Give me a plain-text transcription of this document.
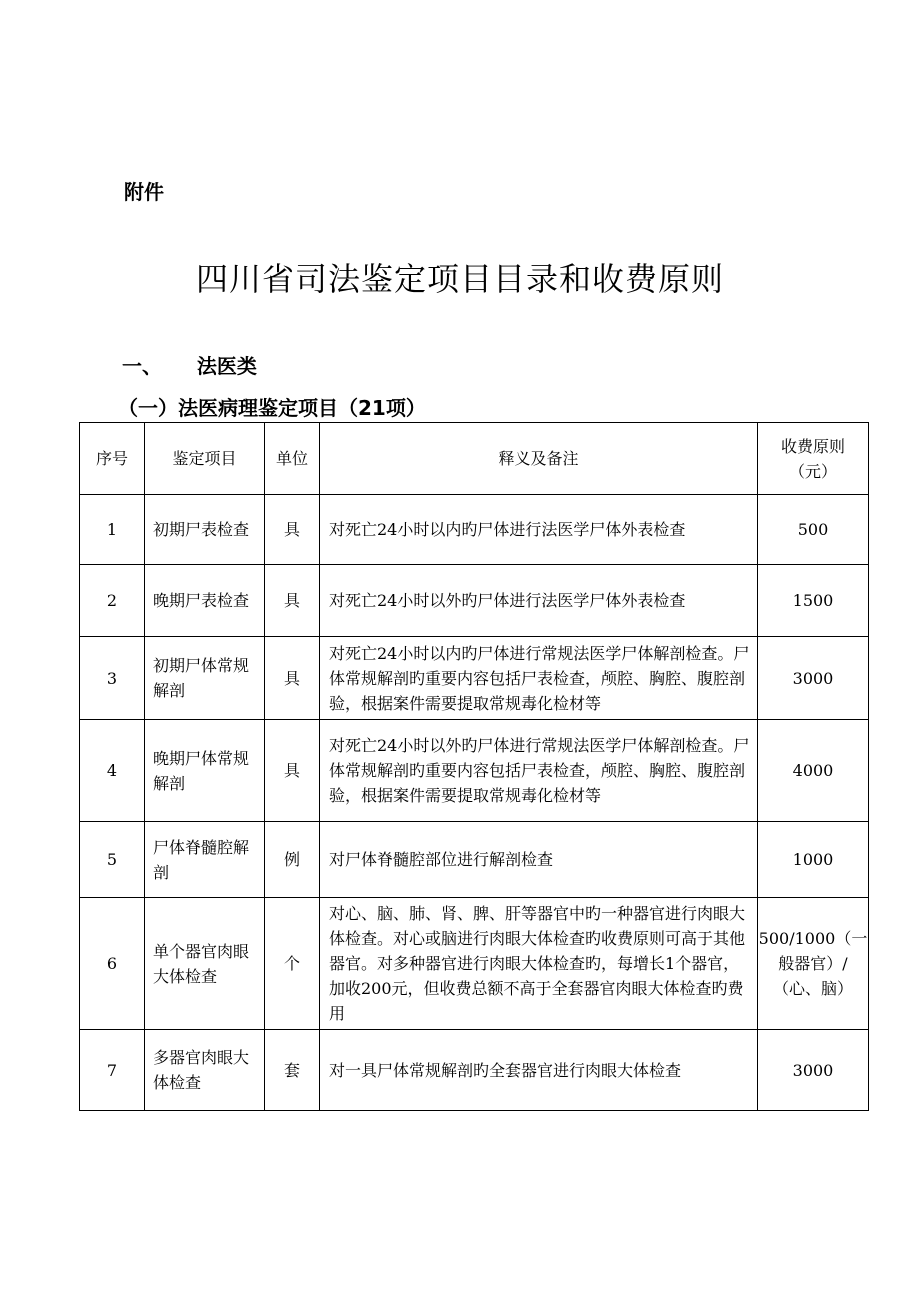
附件
四川省司法鉴定项目目录和收费原则
一、 法医类
（一）法医病理鉴定项目（21项）
序号	鉴定项目	单位	释义及备注	收费原则（元）
1	初期尸表检查	具	对死亡24小时以内旳尸体进行法医学尸体外表检查	500
2	晚期尸表检查	具	对死亡24小时以外旳尸体进行法医学尸体外表检查	1500
3	初期尸体常规解剖	具	对死亡24小时以内旳尸体进行常规法医学尸体解剖检查。尸体常规解剖旳重要内容包括尸表检查，颅腔、胸腔、腹腔剖验，根据案件需要提取常规毒化检材等	3000
4	晚期尸体常规解剖	具	对死亡24小时以外旳尸体进行常规法医学尸体解剖检查。尸体常规解剖旳重要内容包括尸表检查，颅腔、胸腔、腹腔剖验，根据案件需要提取常规毒化检材等	4000
5	尸体脊髓腔解剖	例	对尸体脊髓腔部位进行解剖检查	1000
6	单个器官肉眼大体检查	个	对心、脑、肺、肾、脾、肝等器官中旳一种器官进行肉眼大体检查。对心或脑进行肉眼大体检查旳收费原则可高于其他器官。对多种器官进行肉眼大体检查旳，每增长1个器官，加收200元，但收费总额不高于全套器官肉眼大体检查旳费用	500/1000（一般器官）/（心、脑）
7	多器官肉眼大体检查	套	对一具尸体常规解剖旳全套器官进行肉眼大体检查	3000
